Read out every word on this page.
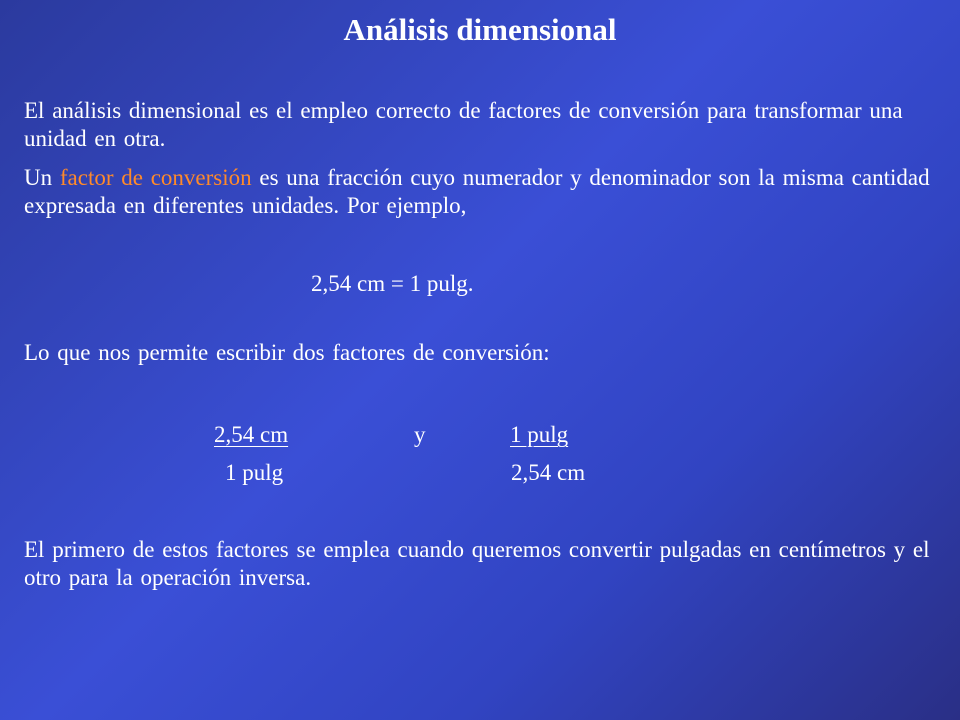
Análisis dimensional
El análisis dimensional es el empleo correcto de factores de conversión para transformar una unidad en otra.
Un factor de conversión es una fracción cuyo numerador y denominador son la misma cantidad expresada en diferentes unidades. Por ejemplo,
2,54 cm = 1 pulg.
Lo que nos permite escribir dos factores de conversión:
2,54 cm
1 pulg
y	1 pulg
2,54 cm
El primero de estos factores se emplea cuando queremos convertir pulgadas en centímetros y el otro para la operación inversa.
